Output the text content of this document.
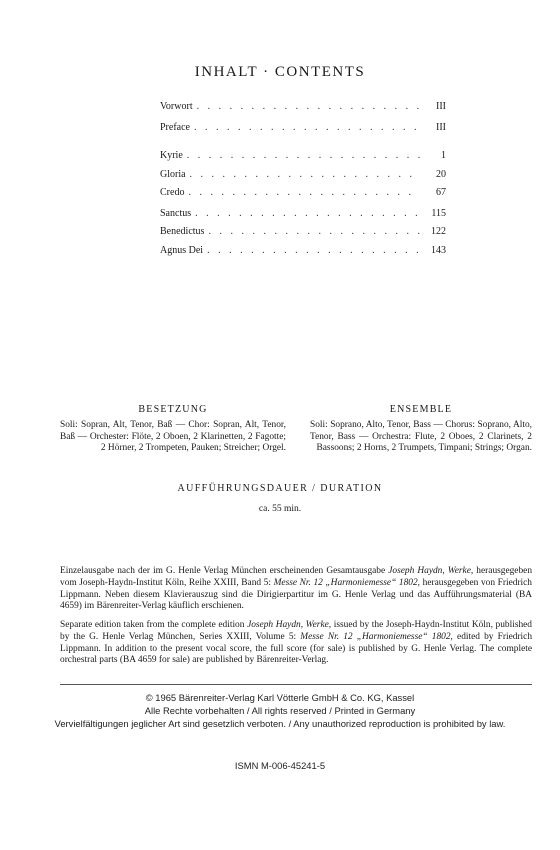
INHALT · CONTENTS
Vorwort . . .	III
Preface . . .	III
Kyrie . . .	1
Gloria . . .	20
Credo . . .	67
Sanctus . . .	115
Benedictus . . .	122
Agnus Dei . . .	143
BESETZUNG
Soli: Sopran, Alt, Tenor, Baß — Chor: Sopran, Alt, Tenor, Baß — Orchester: Flöte, 2 Oboen, 2 Klarinetten, 2 Fagotte; 2 Hörner, 2 Trompeten, Pauken; Streicher; Orgel.
ENSEMBLE
Soli: Soprano, Alto, Tenor, Bass — Chorus: Soprano, Alto, Tenor, Bass — Orchestra: Flute, 2 Oboes, 2 Clarinets, 2 Bassoons; 2 Horns, 2 Trumpets, Timpani; Strings; Organ.
AUFFÜHRUNGSDAUER / DURATION
ca. 55 min.
Einzelausgabe nach der im G. Henle Verlag München erscheinenden Gesamtausgabe Joseph Haydn, Werke, herausgegeben vom Joseph-Haydn-Institut Köln, Reihe XXIII, Band 5: Messe Nr. 12 „Harmoniemesse“ 1802, herausgegeben von Friedrich Lippmann. Neben diesem Klavierauszug sind die Dirigierpartitur im G. Henle Verlag und das Aufführungsmaterial (BA 4659) im Bärenreiter-Verlag käuflich erschienen.
Separate edition taken from the complete edition Joseph Haydn, Werke, issued by the Joseph-Haydn-Institut Köln, published by the G. Henle Verlag München, Series XXIII, Volume 5: Messe Nr. 12 „Harmoniemesse“ 1802, edited by Friedrich Lippmann. In addition to the present vocal score, the full score (for sale) is published by G. Henle Verlag. The complete orchestral parts (BA 4659 for sale) are published by Bärenreiter-Verlag.
© 1965 Bärenreiter-Verlag Karl Vötterle GmbH & Co. KG, Kassel
Alle Rechte vorbehalten / All rights reserved / Printed in Germany
Vervielfältigungen jeglicher Art sind gesetzlich verboten. / Any unauthorized reproduction is prohibited by law.
ISMN M-006-45241-5
